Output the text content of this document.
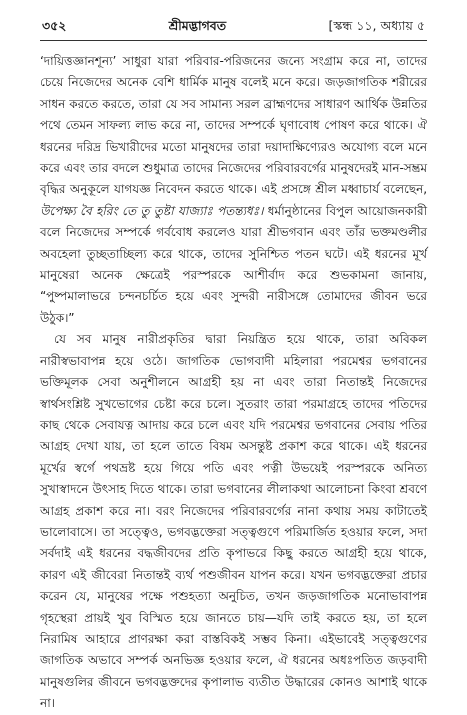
৩৫২	শ্রীমদ্ভাগবত	[স্কন্ধ ১১, অধ্যায় ৫

‘দায়িত্তজ্ঞানশূন্য’ সাধুরা যারা পরিবার-পরিজনের জন্যে সংগ্রাম করে না, তাদের চেয়ে নিজেদের অনেক বেশি ধার্মিক মানুষ বলেই মনে করে। জড়জাগতিক শরীরের সাধন করতে করতে, তারা যে সব সামান্য সরল ব্রাহ্মণদের সাধারণ আর্থিক উন্নতির পথে তেমন সাফল্য লাভ করে না, তাদের সম্পর্কে ঘৃণাবোধ পোষণ করে থাকে। ঐ ধরনের দরিদ্র ভিখারীদের মতো মানুষদের তারা দয়াদাক্ষিণ্যেরও অযোগ্য বলে মনে করে এবং তার বদলে শুধুমাত্র তাদের নিজেদের পরিবারবর্গের মানুষদেরই মান-সম্ভ্রম বৃদ্ধির অনুকূলে যাগযজ্ঞ নিবেদন করতে থাকে। এই প্রসঙ্গে শ্রীল মধ্বাচার্য বলেছেন, উপেক্ষ্য বৈ হরিং তে তু তুষ্টা যাজ্যাঃ পতন্ত্যধঃ। ধর্মানুষ্ঠানের বিপুল আয়োজনকারী বলে নিজেদের সম্পর্কে গর্ববোধ করলেও যারা শ্রীভগবান এবং তাঁর ভক্তমণ্ডলীর অবহেলা তুচ্ছতাচ্ছিল্য করে থাকে, তাদের সুনিশ্চিত পতন ঘটে। এই ধরনের মূর্খ মানুষেরা অনেক ক্ষেত্রেই পরস্পরকে আশীর্বাদ করে শুভকামনা জানায়, “পুষ্পমালাভরে চন্দনচর্চিত হয়ে এবং সুন্দরী নারীসঙ্গে তোমাদের জীবন ভরে উঠুক।”

যে সব মানুষ নারীপ্রকৃতির দ্বারা নিয়ন্ত্রিত হয়ে থাকে, তারা অবিকল নারীস্বভাবাপন্ন হয়ে ওঠে। জাগতিক ভোগবাদী মহিলারা পরমেশ্বর ভগবানের ভক্তিমূলক সেবা অনুশীলনে আগ্রহী হয় না এবং তারা নিতান্তই নিজেদের স্বার্থসংশ্লিষ্ট সুখভোগের চেষ্টা করে চলে। সুতরাং তারা পরমাগ্রহে তাদের পতিদের কাছ থেকে সেবাযত্ন আদায় করে চলে এবং যদি পরমেশ্বর ভগবানের সেবায় পতির আগ্রহ দেখা যায়, তা হলে তাতে বিষম অসন্তুষ্ট প্রকাশ করে থাকে। এই ধরনের মূর্খের স্বর্গে পথভ্রষ্ট হয়ে গিয়ে পতি এবং পত্নী উভয়েই পরস্পরকে অনিত্য সুখাস্বাদনে উৎসাহ দিতে থাকে। তারা ভগবানের লীলাকথা আলোচনা কিংবা শ্রবণে আগ্রহ প্রকাশ করে না। বরং নিজেদের পরিবারবর্গের নানা কথায় সময় কাটাতেই ভালোবাসে। তা সত্ত্বেও, ভগবদ্ভক্তেরা সত্ত্বগুণে পরিমার্জিত হওয়ার ফলে, সদা সর্বদাই এই ধরনের বদ্ধজীবদের প্রতি কৃপাভরে কিছু করতে আগ্রহী হয়ে থাকে, কারণ এই জীবেরা নিতান্তই ব্যর্থ পশুজীবন যাপন করে। যখন ভগবদ্ভক্তেরা প্রচার করেন যে, মানুষের পক্ষে পশুহত্যা অনুচিত, তখন জড়জাগতিক মনোভাবাপন্ন গৃহস্থেরা প্রায়ই খুব বিস্মিত হয়ে জানতে চায়—যদি তাই করতে হয়, তা হলে নিরামিষ আহারে প্রাণরক্ষা করা বাস্তবিকই সম্ভব কিনা। এইভাবেই সত্ত্বগুণের জাগতিক অভাবে সম্পর্ক অনভিজ্ঞ হওয়ার ফলে, ঐ ধরনের অধঃপতিত জড়বাদী মানুষগুলির জীবনে ভগবদ্ভক্তদের কৃপালাভ ব্যতীত উদ্ধারের কোনও আশাই থাকে না।
